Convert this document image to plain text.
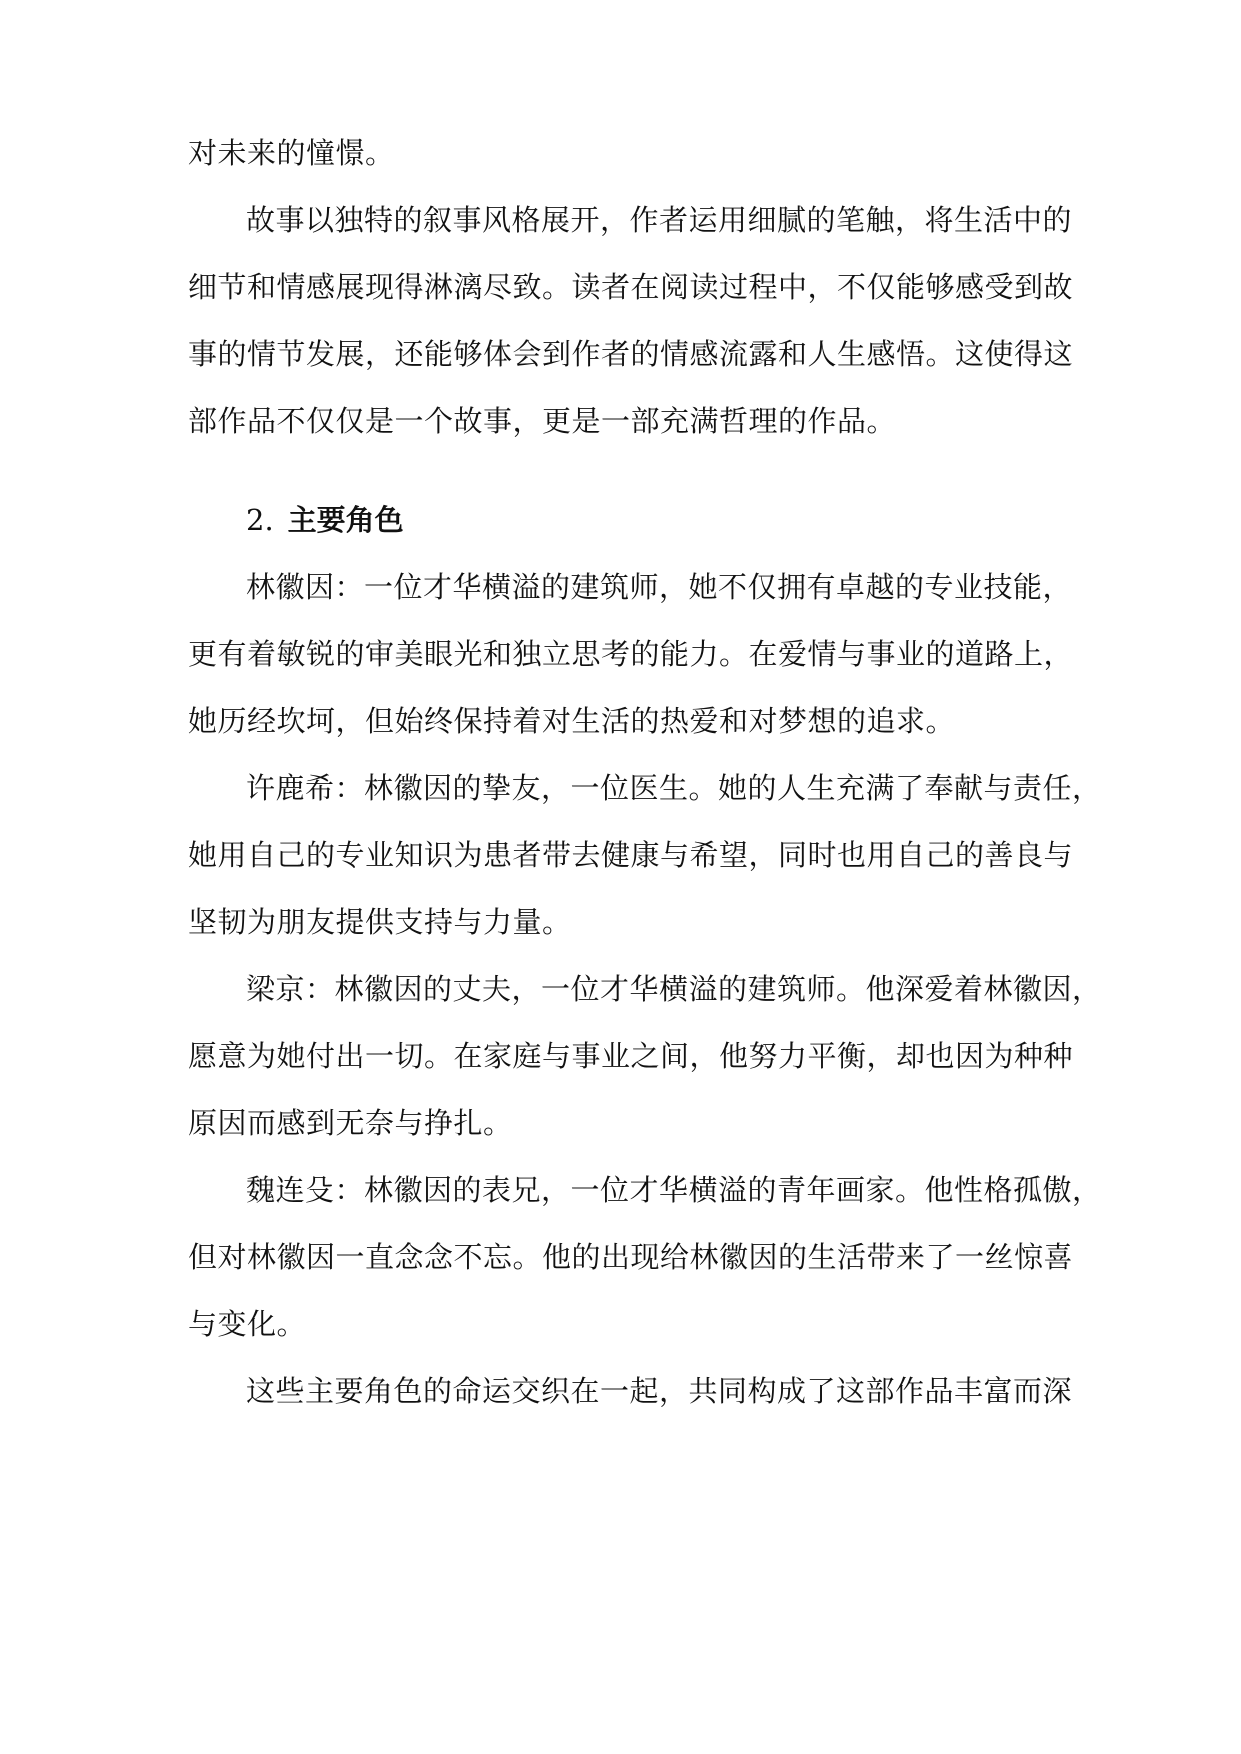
对未来的憧憬。
故事以独特的叙事风格展开，作者运用细腻的笔触，将生活中的
细节和情感展现得淋漓尽致。读者在阅读过程中，不仅能够感受到故
事的情节发展，还能够体会到作者的情感流露和人生感悟。这使得这
部作品不仅仅是一个故事，更是一部充满哲理的作品。
2. 主要角色
林徽因：一位才华横溢的建筑师，她不仅拥有卓越的专业技能，
更有着敏锐的审美眼光和独立思考的能力。在爱情与事业的道路上，
她历经坎坷，但始终保持着对生活的热爱和对梦想的追求。
许鹿希：林徽因的挚友，一位医生。她的人生充满了奉献与责任，
她用自己的专业知识为患者带去健康与希望，同时也用自己的善良与
坚韧为朋友提供支持与力量。
梁京：林徽因的丈夫，一位才华横溢的建筑师。他深爱着林徽因，
愿意为她付出一切。在家庭与事业之间，他努力平衡，却也因为种种
原因而感到无奈与挣扎。
魏连殳：林徽因的表兄，一位才华横溢的青年画家。他性格孤傲，
但对林徽因一直念念不忘。他的出现给林徽因的生活带来了一丝惊喜
与变化。
这些主要角色的命运交织在一起，共同构成了这部作品丰富而深
